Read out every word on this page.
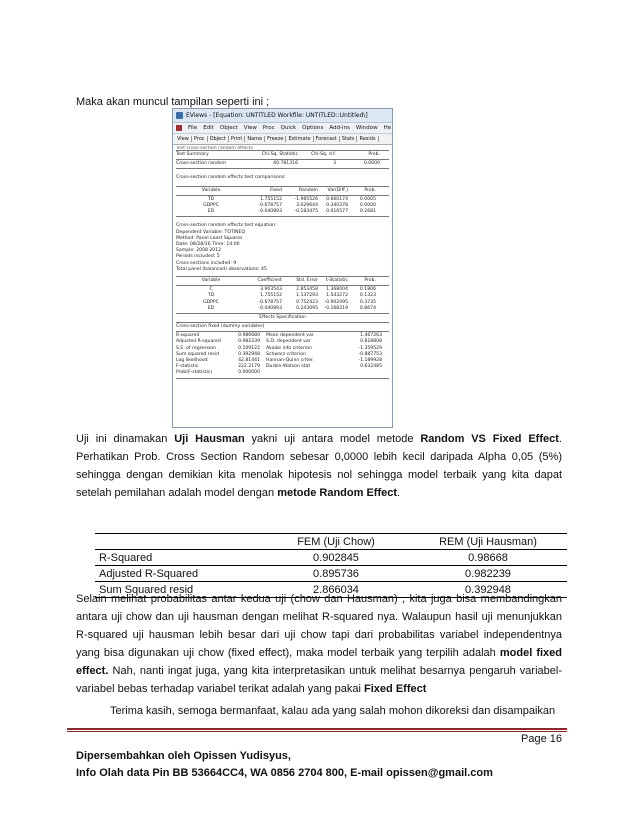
Maka akan muncul tampilan seperti ini ;
EViews - [Equation: UNTITLED Workfile: UNTITLED::Untitled\]
File Edit Object View Proc Quick Options Add-ins Window He
View	Proc	Object	Print	Name	Freeze	Estimate	Forecast	Stats	Resids
Test cross-section random effects
Test Summary	Chi-Sq. Statistic	Chi-Sq. d.f.	Prob.
Cross-section random	40.781316	3	0.0000
Cross-section random effects test comparisons:
Variable	Fixed	Random	Var(Diff.)	Prob.
TD	1.755152	-1.985526	0.660174	0.0005
GDPPC	-0.678757	3.029644	0.340278	0.0000
ED	-0.040893	-0.183475	0.016577	0.2681
Cross-section random effects test equation:
Dependent Variable: TOTINEQ
Method: Panel Least Squares
Date: 08/28/16 Time: 14:00
Sample: 2008 2012
Periods included: 5
Cross-sections included: 9
Total panel (balanced) observations: 45
Variable	Coefficient	Std. Error	t-Statistic	Prob.
C	3.903543	2.853458	1.368004	0.1806
TD	1.755152	1.137293	1.543272	0.1323
GDPPC	-0.678757	0.752423	-0.902095	0.3735
ED	-0.040893	0.243095	-0.168219	0.8674
Effects Specification
Cross-section fixed (dummy variables)
R-squared	0.986680	Mean dependent var	1.467263
Adjusted R-squared	0.982239	S.D. dependent var	0.818808
S.E. of regression	0.109122	Akaike info criterion	-1.359529
Sum squared resid	0.392948	Schwarz criterion	-0.887753
Log likelihood	42.81441	Hannan-Quinn criter.	-1.189928
F-statistic	222.2179	Durbin-Watson stat	0.632485
Prob(F-statistic)	0.000000
Uji ini dinamakan Uji Hausman yakni uji antara model metode Random VS Fixed Effect. Perhatikan Prob. Cross Section Random sebesar 0,0000 lebih kecil daripada Alpha 0,05 (5%) sehingga dengan demikian kita menolak hipotesis nol sehingga model terbaik yang kita dapat setelah pemilahan adalah model dengan metode Random Effect.
	FEM (Uji Chow)	REM (Uji Hausman)
R-Squared	0.902845	0.98668
Adjusted R-Squared	0.895736	0.982239
Sum Squared resid	2.866034	0.392948
Selain melihat probabilitas antar kedua uji (chow dan Hausman) , kita juga bisa membandingkan antara uji chow dan uji hausman dengan melihat R-squared nya. Walaupun hasil uji menunjukkan R-squared uji hausman lebih besar dari uji chow tapi dari probabilitas variabel independentnya yang bisa digunakan uji chow (fixed effect), maka model terbaik yang terpilih adalah model fixed effect. Nah, nanti ingat juga, yang kita interpretasikan untuk melihat besarnya pengaruh variabel-variabel bebas terhadap variabel terikat adalah yang pakai Fixed Effect
Terima kasih, semoga bermanfaat, kalau ada yang salah mohon dikoreksi dan disampaikan
Page 16
Dipersembahkan oleh Opissen Yudisyus,
Info Olah data Pin BB 53664CC4, WA 0856 2704 800, E-mail opissen@gmail.com
